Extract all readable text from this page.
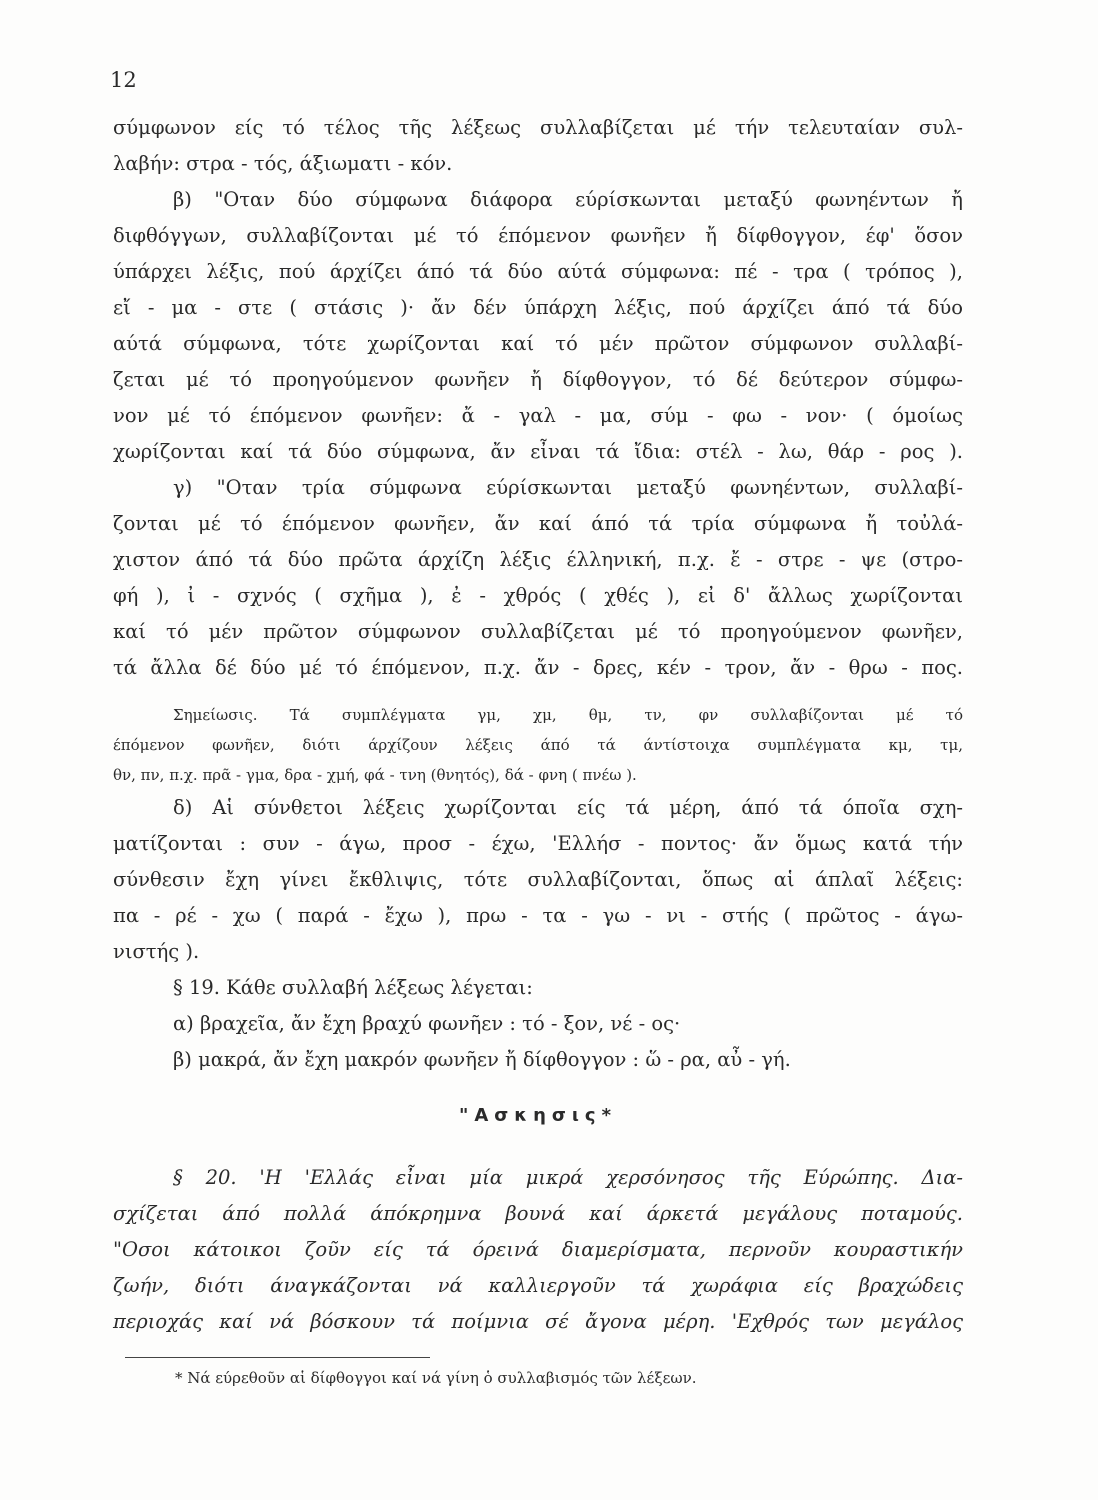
12
σύμφωνον είς τό τέλος τῆς λέξεως συλλαβίζεται μέ τήν τελευταίαν συλ-
λαβήν: στρα - τός, άξιωματι - κόν.
β) "Οταν δύο σύμφωνα διάφορα εύρίσκωνται μεταξύ φωνηέντων ἤ
διφθόγγων, συλλαβίζονται μέ τό έπόμενον φωνῆεν ἤ δίφθογγον, έφ' ὅσον
ύπάρχει λέξις, πού άρχίζει άπό τά δύο αύτά σύμφωνα: πέ - τρα ( τρόπος ),
εἴ - μα - στε ( στάσις )· ἄν δέν ύπάρχη λέξις, πού άρχίζει άπό τά δύο
αύτά σύμφωνα, τότε χωρίζονται καί τό μέν πρῶτον σύμφωνον συλλαβί-
ζεται μέ τό προηγούμενον φωνῆεν ἤ δίφθογγον, τό δέ δεύτερον σύμφω-
νον μέ τό έπόμενον φωνῆεν: ἄ - γαλ - μα, σύμ - φω - νον· ( όμοίως
χωρίζονται καί τά δύο σύμφωνα, ἄν εἶναι τά ἴδια: στέλ - λω, θάρ - ρος ).
γ) "Οταν τρία σύμφωνα εύρίσκωνται μεταξύ φωνηέντων, συλλαβί-
ζονται μέ τό έπόμενον φωνῆεν, ἄν καί άπό τά τρία σύμφωνα ἤ τοὐλά-
χιστον άπό τά δύο πρῶτα άρχίζη λέξις έλληνική, π.χ. ἔ - στρε - ψε (στρο-
φή ), ἰ - σχνός ( σχῆμα ), ἐ - χθρός ( χθές ), εἰ δ' ἄλλως χωρίζονται
καί τό μέν πρῶτον σύμφωνον συλλαβίζεται μέ τό προηγούμενον φωνῆεν,
τά ἄλλα δέ δύο μέ τό έπόμενον, π.χ. ἄν - δρες, κέν - τρον, ἄν - θρω - πος.
Σημείωσις. Τά συμπλέγματα γμ, χμ, θμ, τν, φν συλλαβίζονται μέ τό
έπόμενον φωνῆεν, διότι άρχίζουν λέξεις άπό τά άντίστοιχα συμπλέγματα κμ, τμ,
θν, πν, π.χ. πρᾶ - γμα, δρα - χμή, φά - τνη (θνητός), δά - φνη ( πνέω ).
δ) Αἱ σύνθετοι λέξεις χωρίζονται είς τά μέρη, άπό τά όποῖα σχη-
ματίζονται : συν - άγω, προσ - έχω, 'Ελλήσ - ποντος· ἄν ὅμως κατά τήν
σύνθεσιν ἔχη γίνει ἔκθλιψις, τότε συλλαβίζονται, ὅπως αἱ άπλαῖ λέξεις:
πα - ρέ - χω ( παρά - ἔχω ), πρω - τα - γω - νι - στής ( πρῶτος - άγω-
νιστής ).
§ 19. Κάθε συλλαβή λέξεως λέγεται:
α) βραχεῖα, ἄν ἔχη βραχύ φωνῆεν : τό - ξον, νέ - ος·
β) μακρά, ἄν ἔχη μακρόν φωνῆεν ἤ δίφθογγον : ὥ - ρα, αὖ - γή.
"Ασκησις*
§ 20. 'Η 'Ελλάς εἶναι μία μικρά χερσόνησος τῆς Εύρώπης. Δια-
σχίζεται άπό πολλά άπόκρημνα βουνά καί άρκετά μεγάλους ποταμούς.
"Οσοι κάτοικοι ζοῦν είς τά όρεινά διαμερίσματα, περνοῦν κουραστικήν
ζωήν, διότι άναγκάζονται νά καλλιεργοῦν τά χωράφια είς βραχώδεις
περιοχάς καί νά βόσκουν τά ποίμνια σέ ἄγονα μέρη. 'Εχθρός των μεγάλος
* Νά εύρεθοῦν αἱ δίφθογγοι καί νά γίνη ὁ συλλαβισμός τῶν λέξεων.
